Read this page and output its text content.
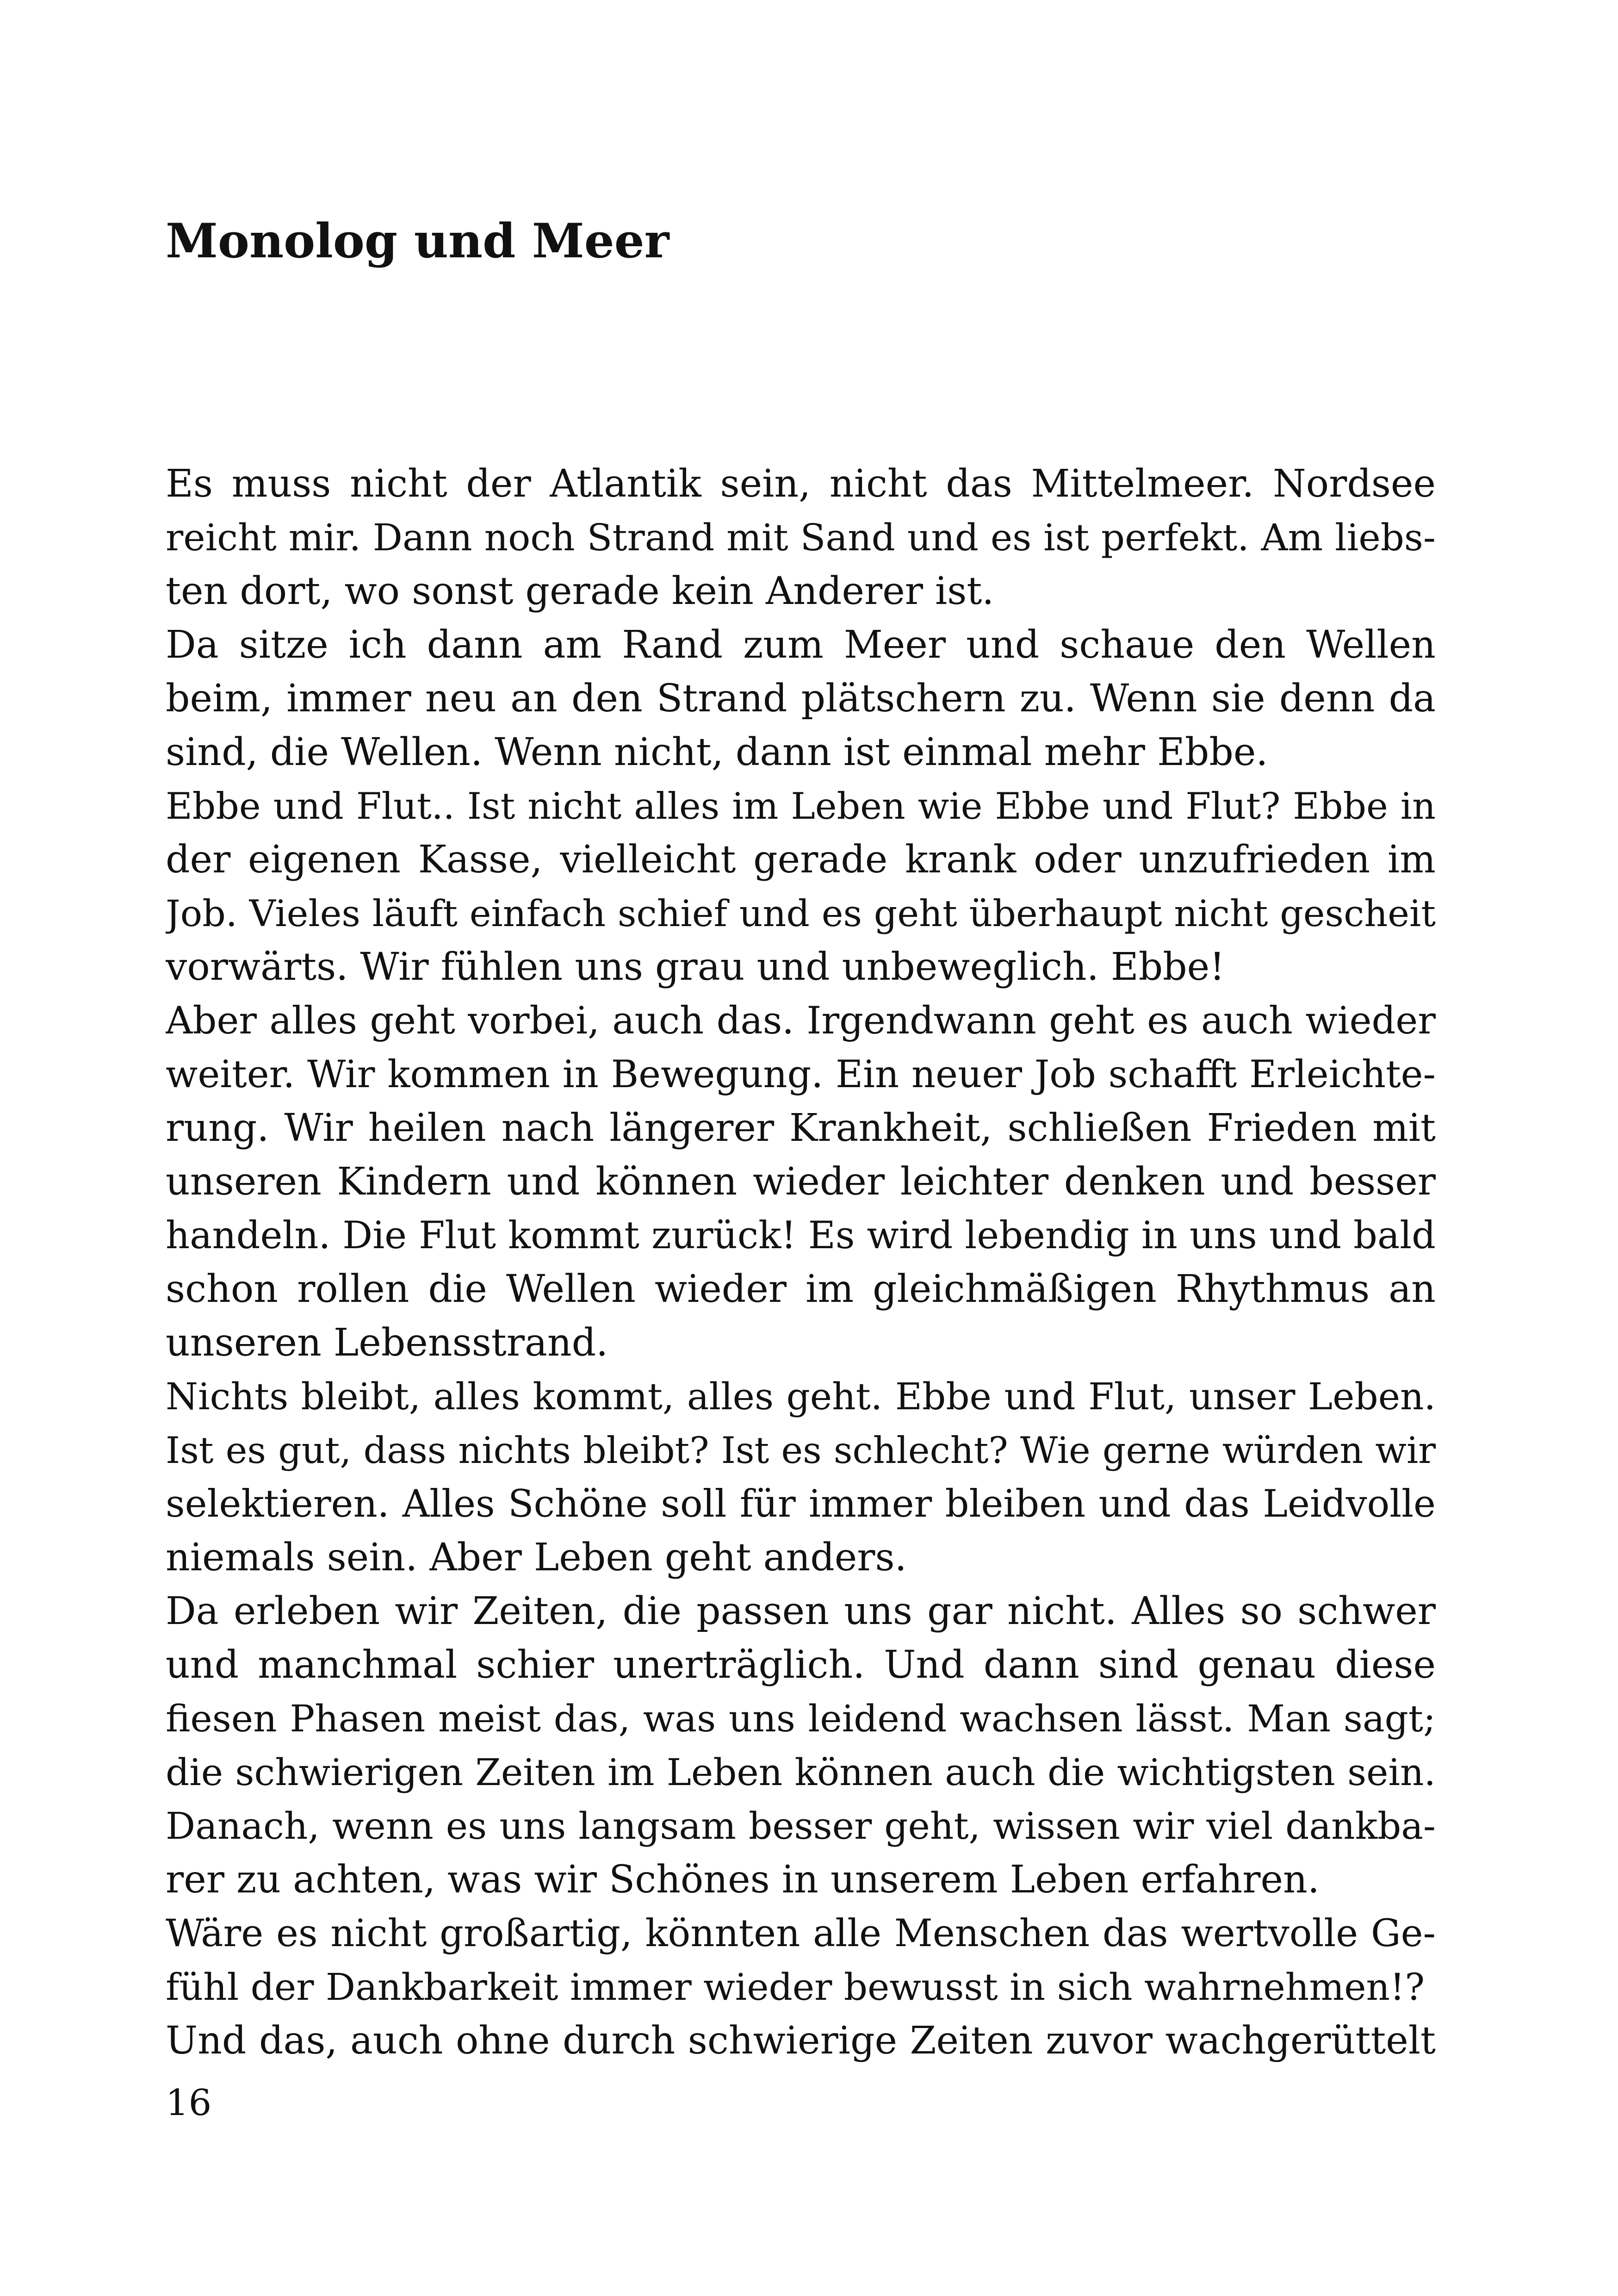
Monolog und Meer
Es muss nicht der Atlantik sein, nicht das Mittelmeer. Nordsee
reicht mir. Dann noch Strand mit Sand und es ist perfekt. Am liebs-
ten dort, wo sonst gerade kein Anderer ist.
Da sitze ich dann am Rand zum Meer und schaue den Wellen
beim, immer neu an den Strand plätschern zu. Wenn sie denn da
sind, die Wellen. Wenn nicht, dann ist einmal mehr Ebbe.
Ebbe und Flut.. Ist nicht alles im Leben wie Ebbe und Flut? Ebbe in
der eigenen Kasse, vielleicht gerade krank oder unzufrieden im
Job. Vieles läuft einfach schief und es geht überhaupt nicht gescheit
vorwärts. Wir fühlen uns grau und unbeweglich. Ebbe!
Aber alles geht vorbei, auch das. Irgendwann geht es auch wieder
weiter. Wir kommen in Bewegung. Ein neuer Job schafft Erleichte-
rung. Wir heilen nach längerer Krankheit, schließen Frieden mit
unseren Kindern und können wieder leichter denken und besser
handeln. Die Flut kommt zurück! Es wird lebendig in uns und bald
schon rollen die Wellen wieder im gleichmäßigen Rhythmus an
unseren Lebensstrand.
Nichts bleibt, alles kommt, alles geht. Ebbe und Flut, unser Leben.
Ist es gut, dass nichts bleibt? Ist es schlecht? Wie gerne würden wir
selektieren. Alles Schöne soll für immer bleiben und das Leidvolle
niemals sein. Aber Leben geht anders.
Da erleben wir Zeiten, die passen uns gar nicht. Alles so schwer
und manchmal schier unerträglich. Und dann sind genau diese
fiesen Phasen meist das, was uns leidend wachsen lässt. Man sagt;
die schwierigen Zeiten im Leben können auch die wichtigsten sein.
Danach, wenn es uns langsam besser geht, wissen wir viel dankba-
rer zu achten, was wir Schönes in unserem Leben erfahren.
Wäre es nicht großartig, könnten alle Menschen das wertvolle Ge-
fühl der Dankbarkeit immer wieder bewusst in sich wahrnehmen!?
Und das, auch ohne durch schwierige Zeiten zuvor wachgerüttelt

16
